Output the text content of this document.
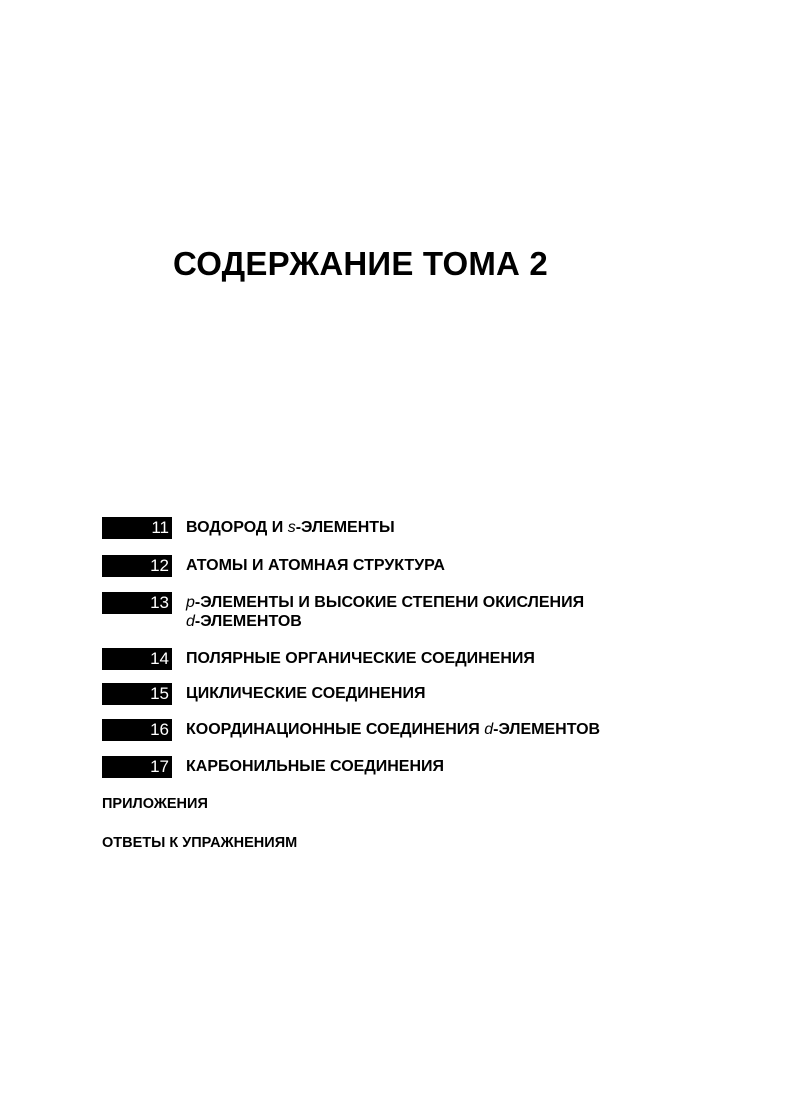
СОДЕРЖАНИЕ ТОМА 2
11 ВОДОРОД И s-ЭЛЕМЕНТЫ
12 АТОМЫ И АТОМНАЯ СТРУКТУРА
13 p-ЭЛЕМЕНТЫ И ВЫСОКИЕ СТЕПЕНИ ОКИСЛЕНИЯ
d-ЭЛЕМЕНТОВ
14 ПОЛЯРНЫЕ ОРГАНИЧЕСКИЕ СОЕДИНЕНИЯ
15 ЦИКЛИЧЕСКИЕ СОЕДИНЕНИЯ
16 КООРДИНАЦИОННЫЕ СОЕДИНЕНИЯ d-ЭЛЕМЕНТОВ
17 КАРБОНИЛЬНЫЕ СОЕДИНЕНИЯ
ПРИЛОЖЕНИЯ
ОТВЕТЫ К УПРАЖНЕНИЯМ
